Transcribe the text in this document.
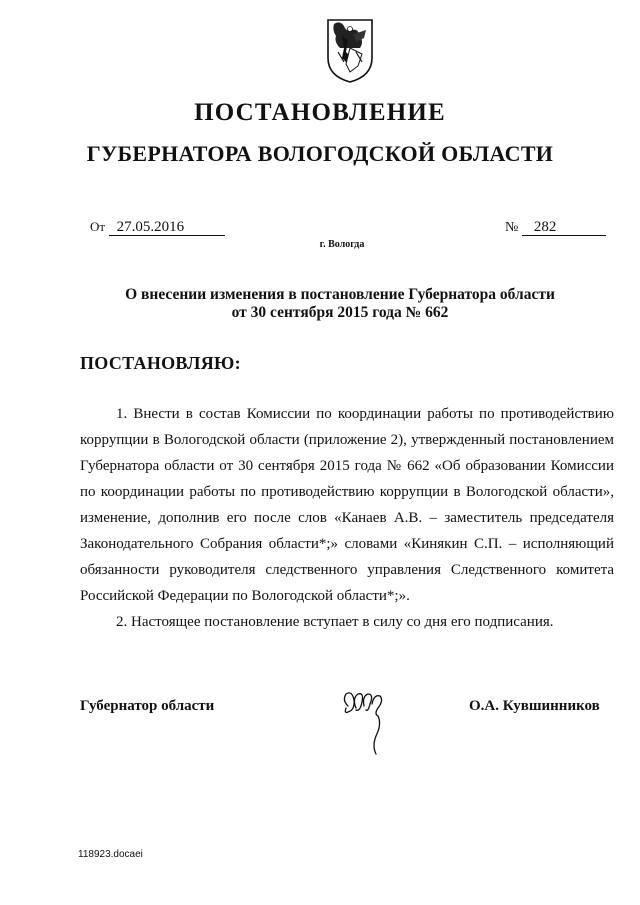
ПОСТАНОВЛЕНИЕ
ГУБЕРНАТОРА ВОЛОГОДСКОЙ ОБЛАСТИ
От 27.05.2016	№ 282
г. Вологда
О внесении изменения в постановление Губернатора области
от 30 сентября 2015 года № 662
ПОСТАНОВЛЯЮ:
1. Внести в состав Комиссии по координации работы по противодействию коррупции в Вологодской области (приложение 2), утвержденный постановлением Губернатора области от 30 сентября 2015 года № 662 «Об образовании Комиссии по координации работы по противодействию коррупции в Вологодской области», изменение, дополнив его после слов «Канаев А.В. – заместитель председателя Законодательного Собрания области*;» словами «Кинякин С.П. – исполняющий обязанности руководителя следственного управления Следственного комитета Российской Федерации по Вологодской области*;».
2. Настоящее постановление вступает в силу со дня его подписания.
Губернатор области	О.А. Кувшинников
118923.docaei
